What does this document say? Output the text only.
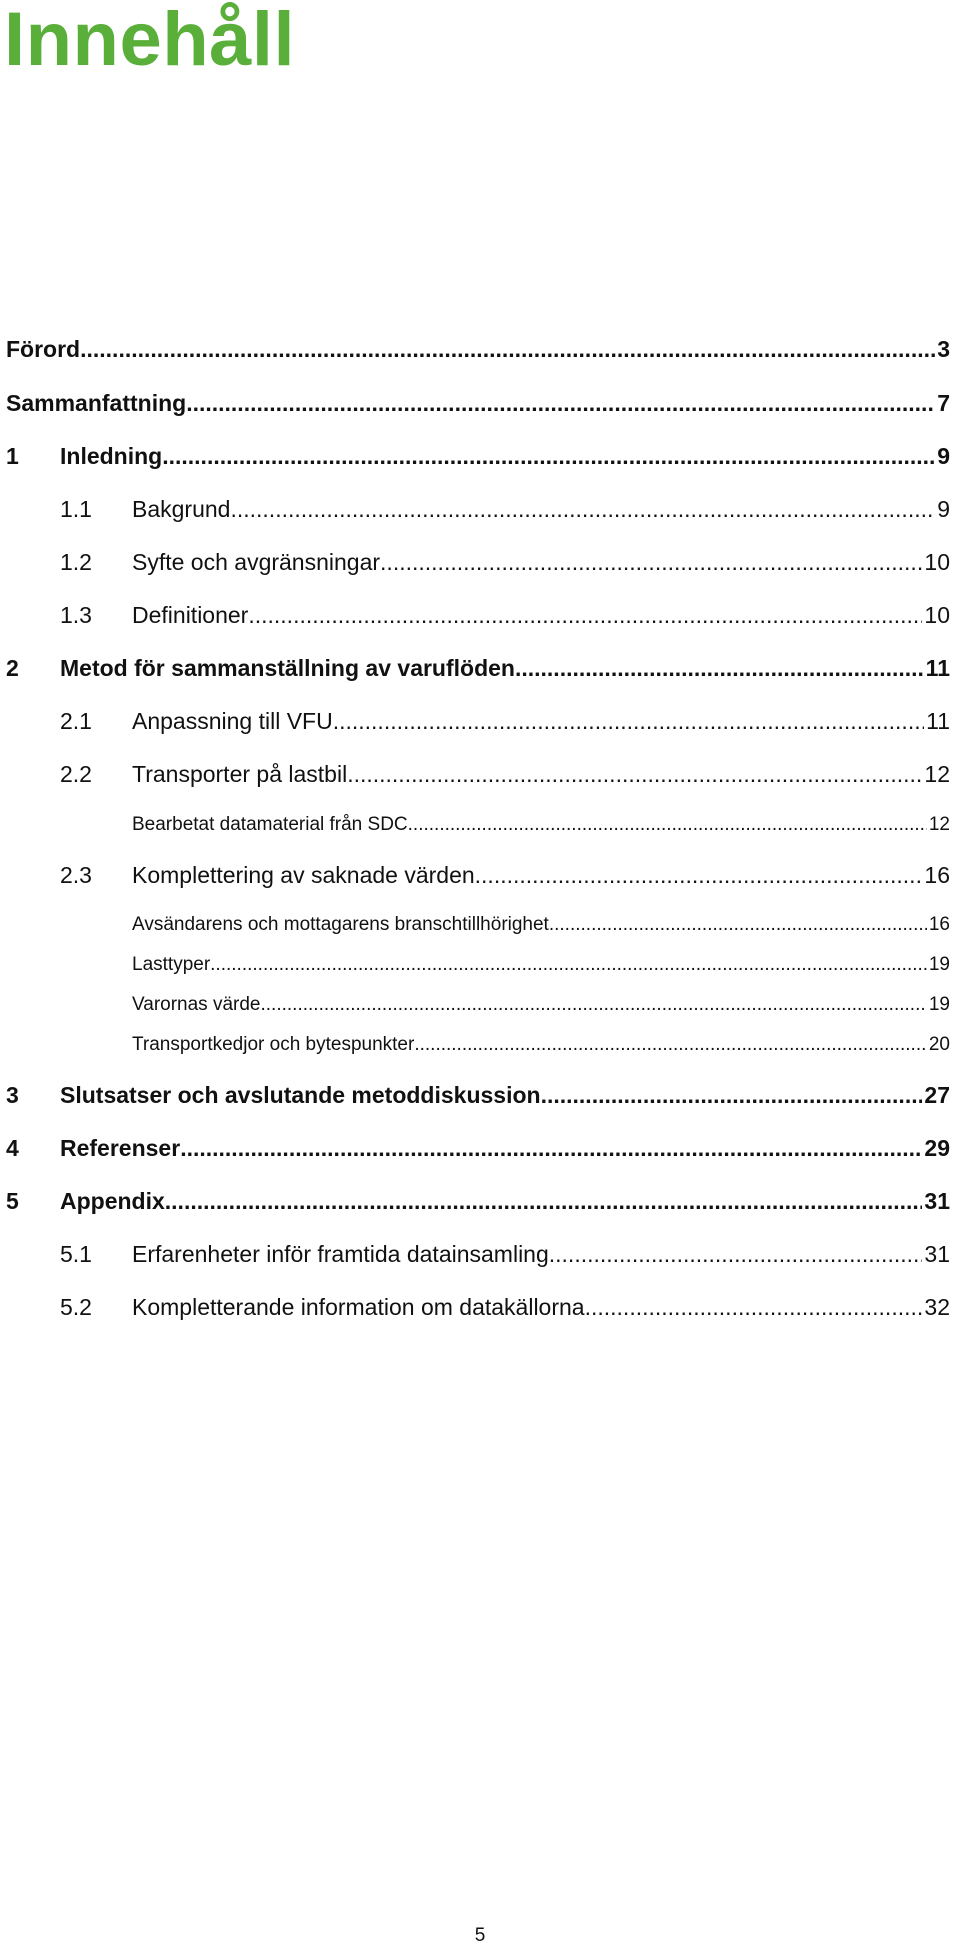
Innehåll
Förord .....	3
Sammanfattning .....	7
1	Inledning .....	9
1.1	Bakgrund .....	9
1.2	Syfte och avgränsningar .....	10
1.3	Definitioner .....	10
2	Metod för sammanställning av varuflöden .....	11
2.1	Anpassning till VFU .....	11
2.2	Transporter på lastbil .....	12
Bearbetat datamaterial från SDC .....	12
2.3	Komplettering av saknade värden .....	16
Avsändarens och mottagarens branschtillhörighet .....	16
Lasttyper .....	19
Varornas värde .....	19
Transportkedjor och bytespunkter .....	20
3	Slutsatser och avslutande metoddiskussion .....	27
4	Referenser .....	29
5	Appendix .....	31
5.1	Erfarenheter inför framtida datainsamling .....	31
5.2	Kompletterande information om datakällorna .....	32
5
